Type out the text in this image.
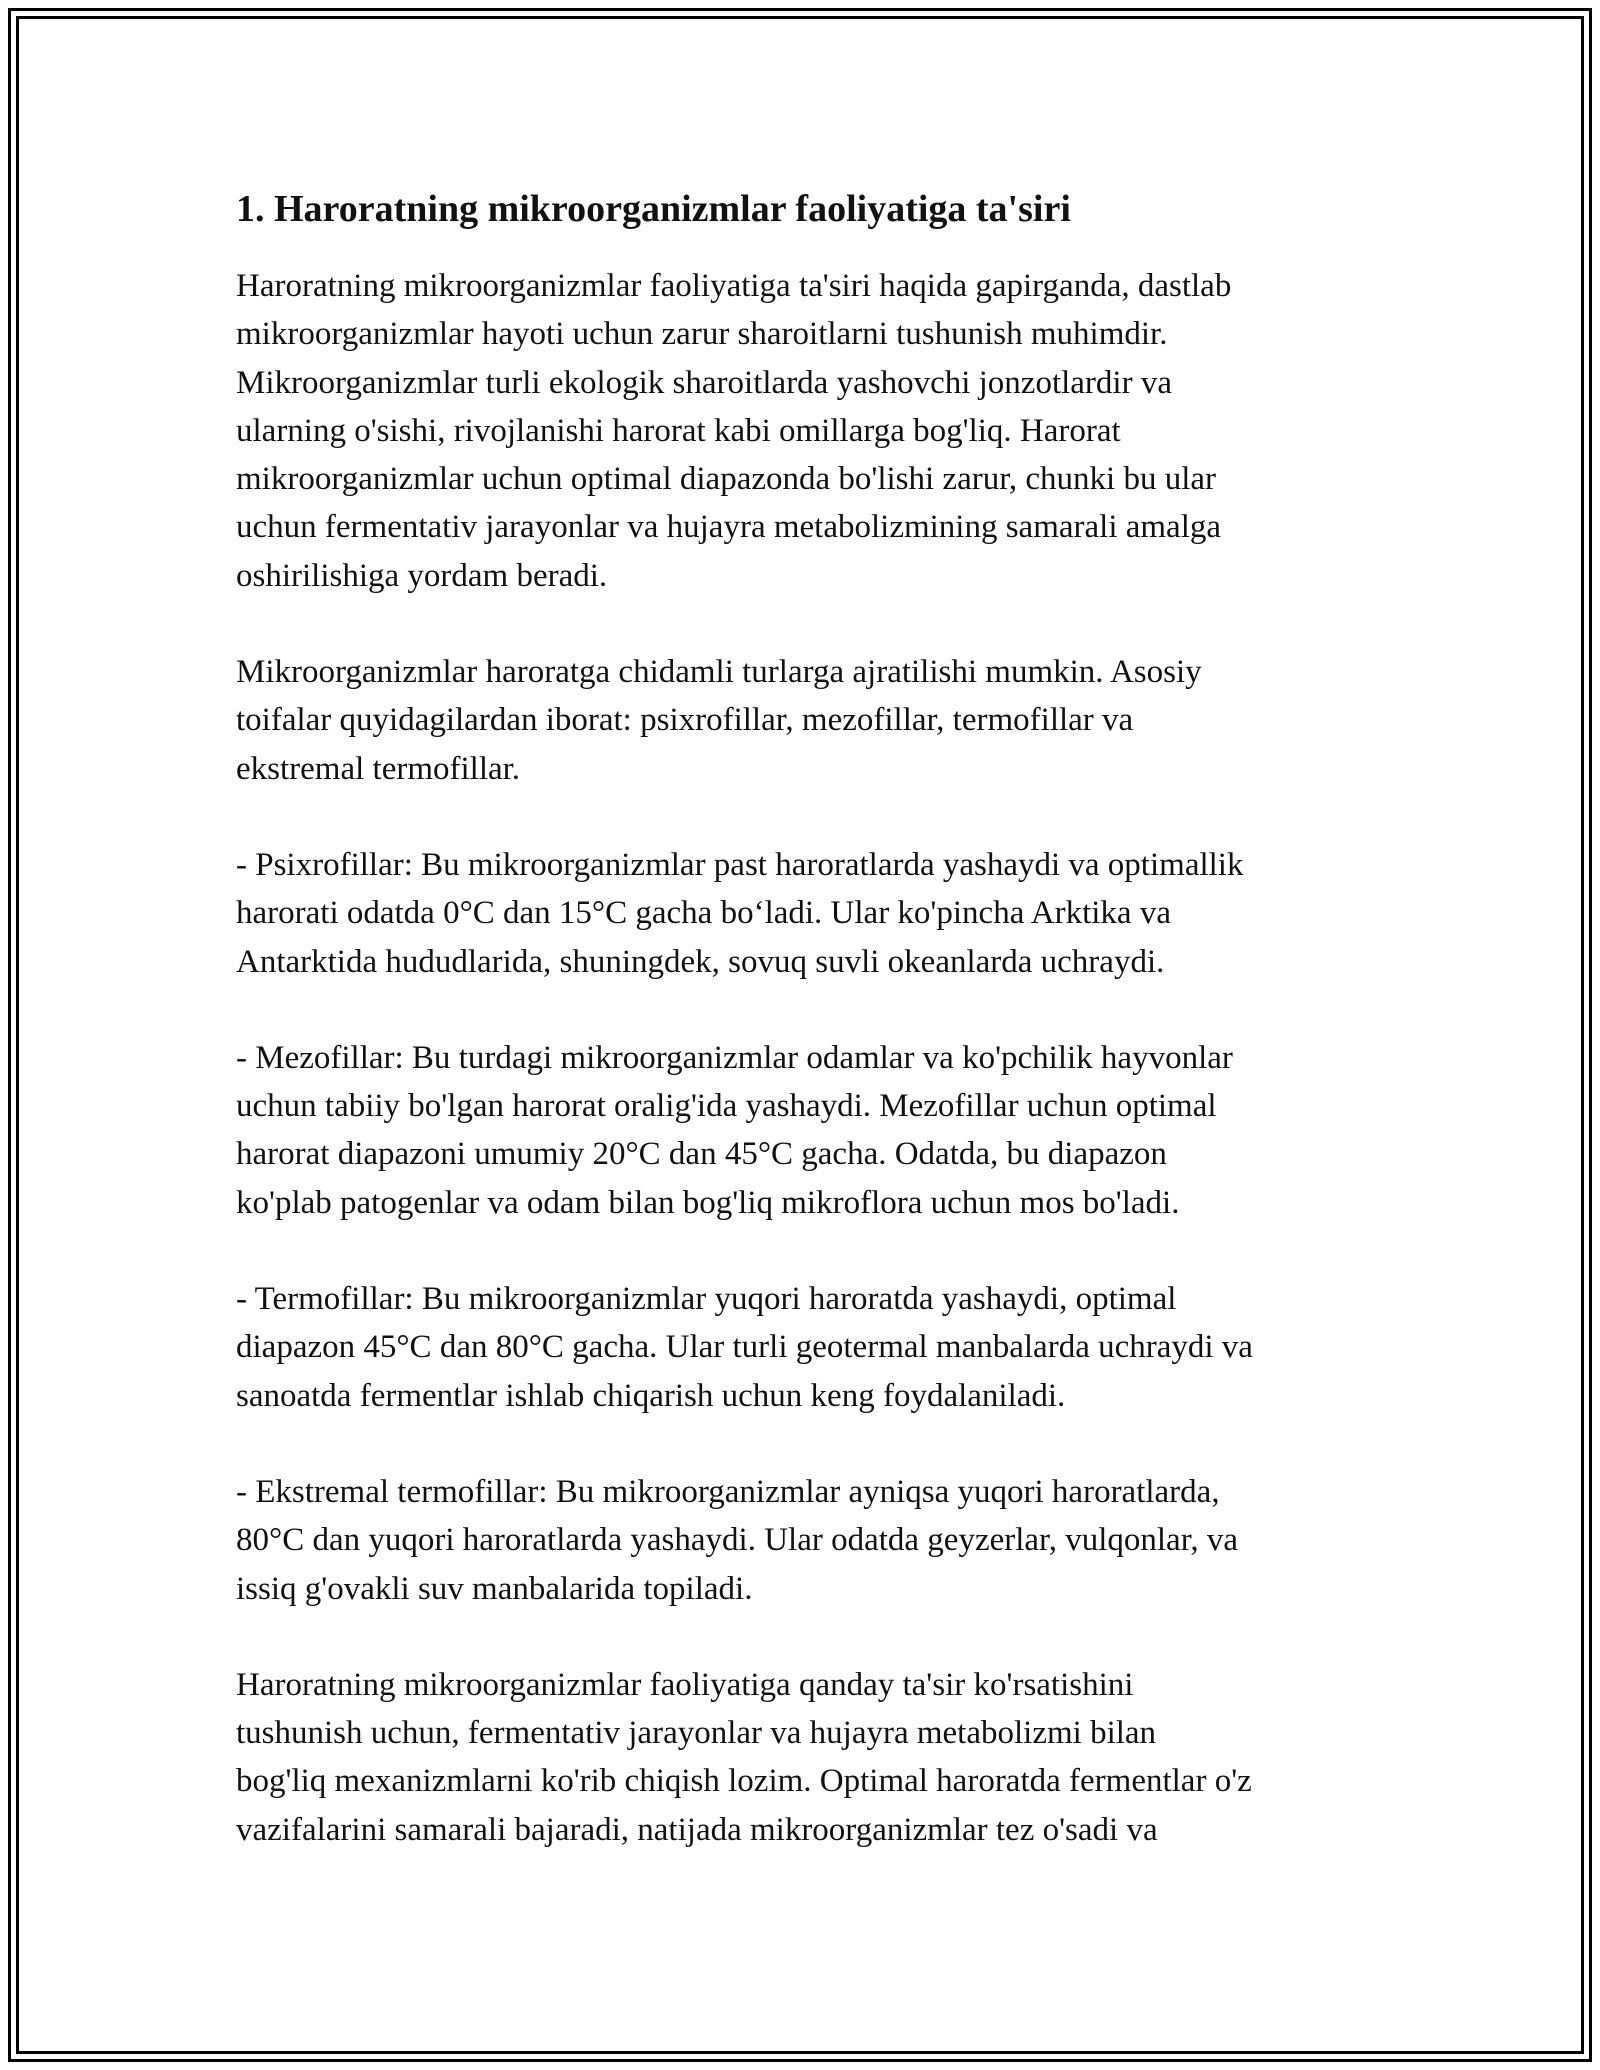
1. Haroratning mikroorganizmlar faoliyatiga ta'siri

Haroratning mikroorganizmlar faoliyatiga ta'siri haqida gapirganda, dastlab
mikroorganizmlar hayoti uchun zarur sharoitlarni tushunish muhimdir.
Mikroorganizmlar turli ekologik sharoitlarda yashovchi jonzotlardir va
ularning o'sishi, rivojlanishi harorat kabi omillarga bog'liq. Harorat
mikroorganizmlar uchun optimal diapazonda bo'lishi zarur, chunki bu ular
uchun fermentativ jarayonlar va hujayra metabolizmining samarali amalga
oshirilishiga yordam beradi.

Mikroorganizmlar haroratga chidamli turlarga ajratilishi mumkin. Asosiy
toifalar quyidagilardan iborat: psixrofillar, mezofillar, termofillar va
ekstremal termofillar.

- Psixrofillar: Bu mikroorganizmlar past haroratlarda yashaydi va optimallik
harorati odatda 0°C dan 15°C gacha bo‘ladi. Ular ko'pincha Arktika va
Antarktida hududlarida, shuningdek, sovuq suvli okeanlarda uchraydi.

- Mezofillar: Bu turdagi mikroorganizmlar odamlar va ko'pchilik hayvonlar
uchun tabiiy bo'lgan harorat oralig'ida yashaydi. Mezofillar uchun optimal
harorat diapazoni umumiy 20°C dan 45°C gacha. Odatda, bu diapazon
ko'plab patogenlar va odam bilan bog'liq mikroflora uchun mos bo'ladi.

- Termofillar: Bu mikroorganizmlar yuqori haroratda yashaydi, optimal
diapazon 45°C dan 80°C gacha. Ular turli geotermal manbalarda uchraydi va
sanoatda fermentlar ishlab chiqarish uchun keng foydalaniladi.

- Ekstremal termofillar: Bu mikroorganizmlar ayniqsa yuqori haroratlarda,
80°C dan yuqori haroratlarda yashaydi. Ular odatda geyzerlar, vulqonlar, va
issiq g'ovakli suv manbalarida topiladi.

Haroratning mikroorganizmlar faoliyatiga qanday ta'sir ko'rsatishini
tushunish uchun, fermentativ jarayonlar va hujayra metabolizmi bilan
bog'liq mexanizmlarni ko'rib chiqish lozim. Optimal haroratda fermentlar o'z
vazifalarini samarali bajaradi, natijada mikroorganizmlar tez o'sadi va
